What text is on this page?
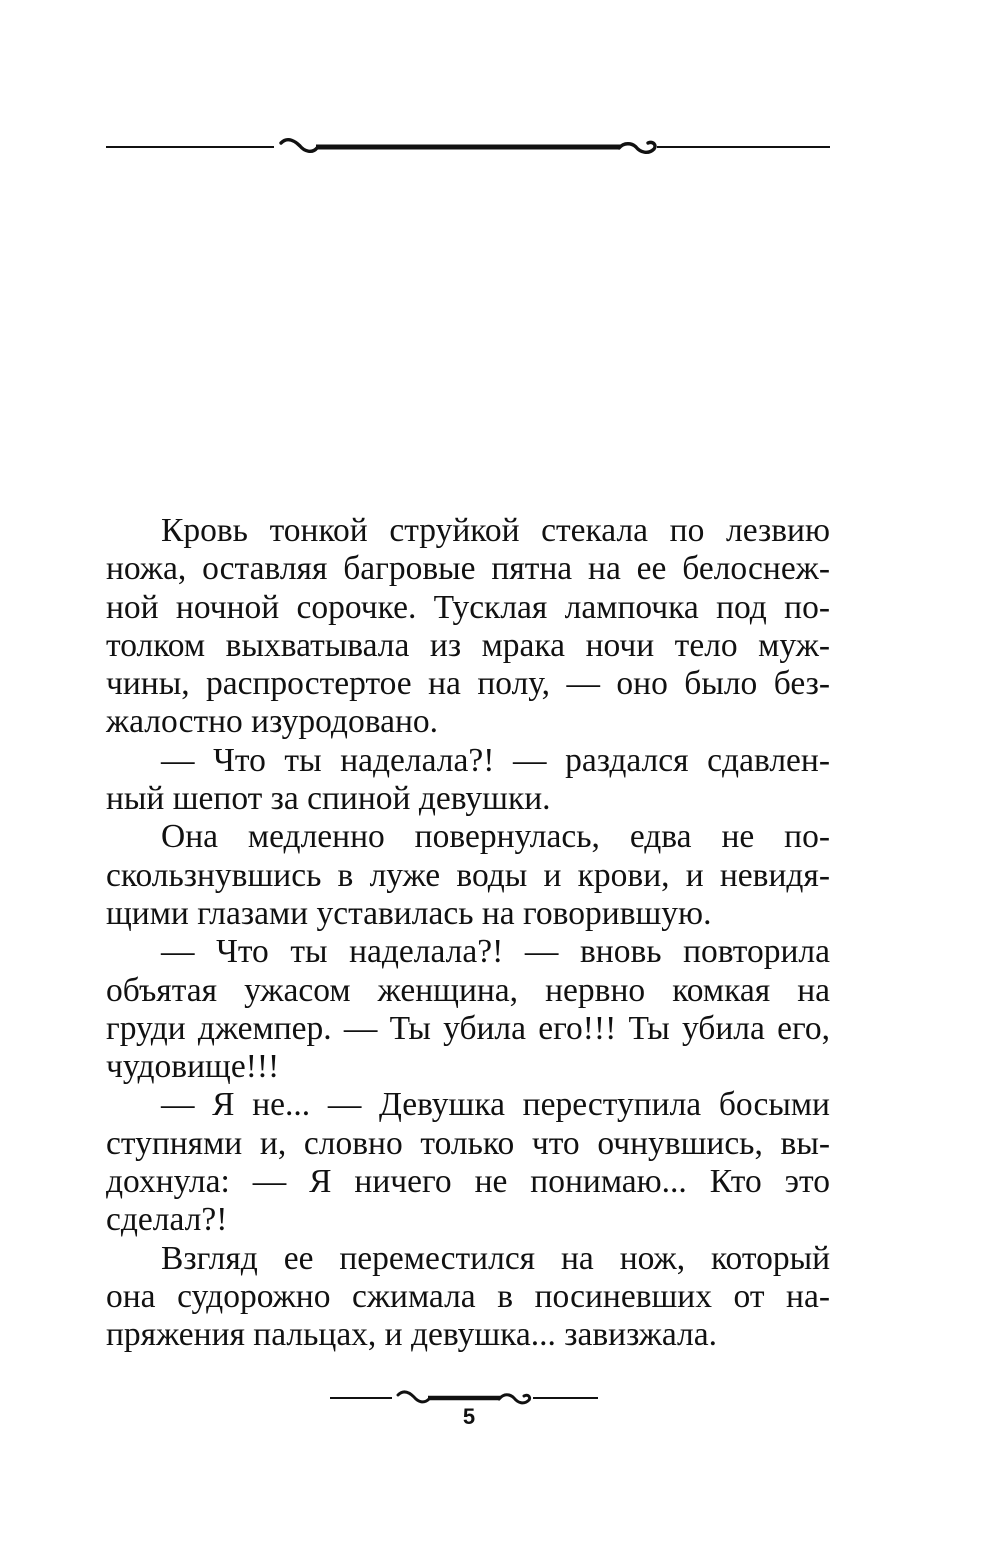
Кровь тонкой струйкой стекала по лезвию
ножа, оставляя багровые пятна на ее белоснеж-
ной ночной сорочке. Тусклая лампочка под по-
толком выхватывала из мрака ночи тело муж-
чины, распростертое на полу, — оно было без-
жалостно изуродовано.
— Что ты наделала?! — раздался сдавлен-
ный шепот за спиной девушки.
Она медленно повернулась, едва не по-
скользнувшись в луже воды и крови, и невидя-
щими глазами уставилась на говорившую.
— Что ты наделала?! — вновь повторила
объятая ужасом женщина, нервно комкая на
груди джемпер. — Ты убила его!!! Ты убила его,
чудовище!!!
— Я не... — Девушка переступила босыми
ступнями и, словно только что очнувшись, вы-
дохнула: — Я ничего не понимаю... Кто это
сделал?!
Взгляд ее переместился на нож, который
она судорожно сжимала в посиневших от на-
пряжения пальцах, и девушка... завизжала.
5
